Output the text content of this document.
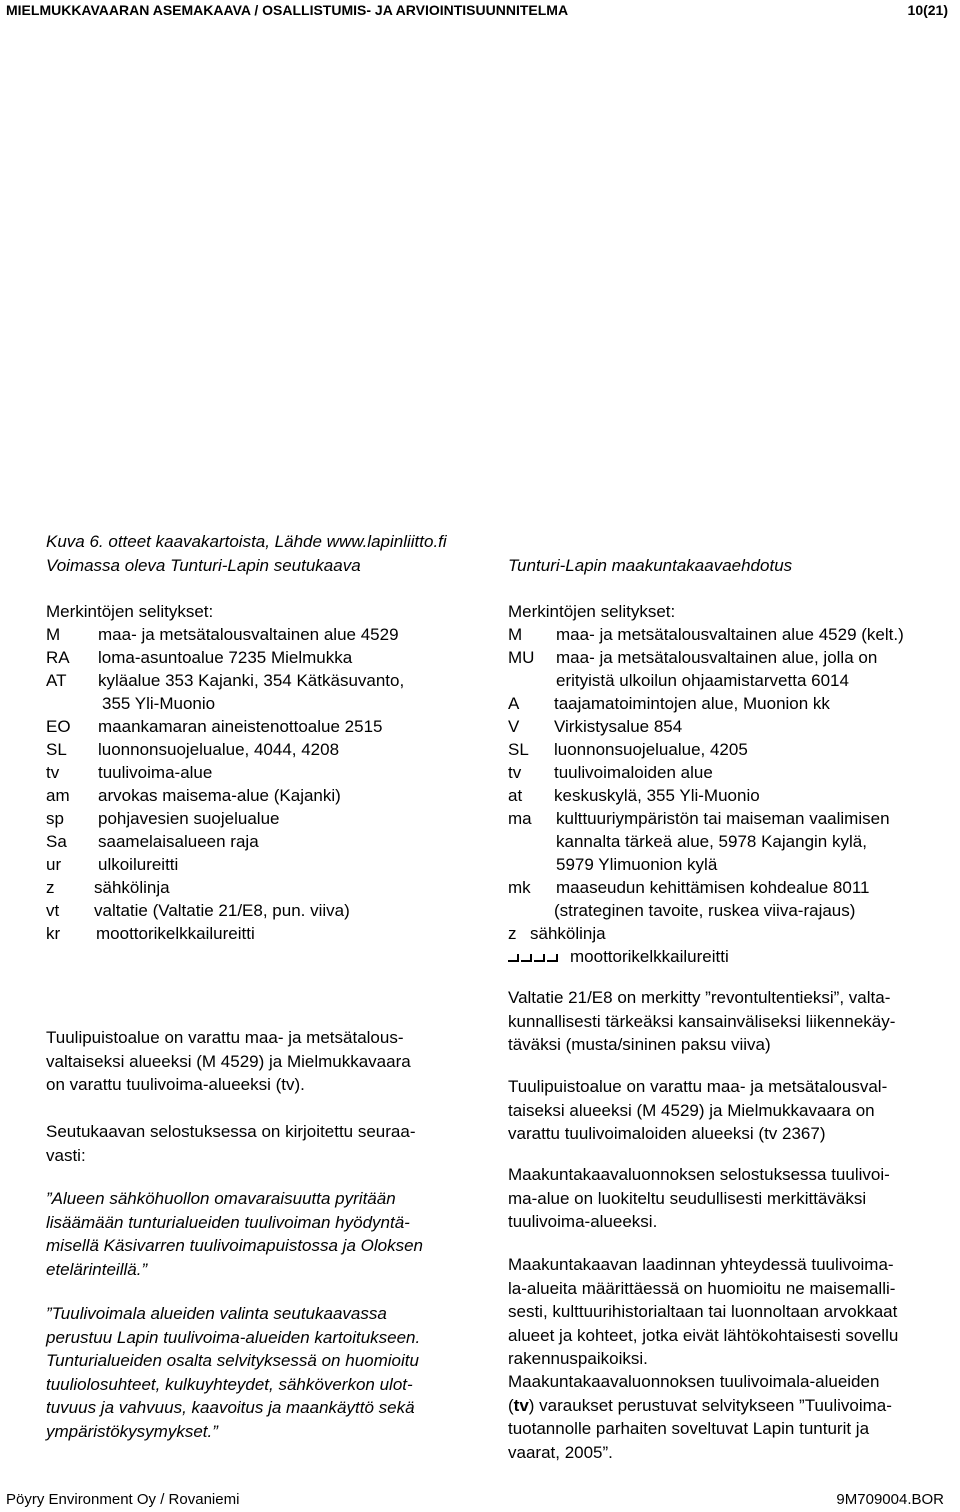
MIELMUKKAVAARAN ASEMAKAAVA / OSALLISTUMIS- JA ARVIOINTISUUNNITELMA	10(21)
Kuva 6. otteet kaavakartoista, Lähde www.lapinliitto.fi
Voimassa oleva Tunturi-Lapin seutukaava	Tunturi-Lapin maakuntakaavaehdotus
Merkintöjen selitykset:
M maa- ja metsätalousvaltainen alue 4529
RA loma-asuntoalue 7235 Mielmukka
AT kyläalue 353 Kajanki, 354 Kätkäsuvanto,
355 Yli-Muonio
EO maankamaran aineistenottoalue 2515
SL luonnonsuojelualue, 4044, 4208
tv tuulivoima-alue
am arvokas maisema-alue (Kajanki)
sp pohjavesien suojelualue
Sa saamelaisalueen raja
ur ulkoilureitti
z sähkölinja
vt valtatie (Valtatie 21/E8, pun. viiva)
kr moottorikelkkailureitti
Merkintöjen selitykset:
M maa- ja metsätalousvaltainen alue 4529 (kelt.)
MU maa- ja metsätalousvaltainen alue, jolla on
erityistä ulkoilun ohjaamistarvetta 6014
A taajamatoimintojen alue, Muonion kk
V Virkistysalue 854
SL luonnonsuojelualue, 4205
tv tuulivoimaloiden alue
at keskuskylä, 355 Yli-Muonio
ma kulttuuriympäristön tai maiseman vaalimisen
kannalta tärkeä alue, 5978 Kajangin kylä,
5979 Ylimuonion kylä
mk maaseudun kehittämisen kohdealue 8011
(strateginen tavoite, ruskea viiva-rajaus)
z sähkölinja
moottorikelkkailureitti
Tuulipuistoalue on varattu maa- ja metsätalous-
valtaiseksi alueeksi (M 4529) ja Mielmukkavaara
on varattu tuulivoima-alueeksi (tv).
Seutukaavan selostuksessa on kirjoitettu seuraa-
vasti:
”Alueen sähköhuollon omavaraisuutta pyritään
lisäämään tunturialueiden tuulivoiman hyödyntä-
misellä Käsivarren tuulivoimapuistossa ja Oloksen
etelärinteillä.”
”Tuulivoimala alueiden valinta seutukaavassa
perustuu Lapin tuulivoima-alueiden kartoitukseen.
Tunturialueiden osalta selvityksessä on huomioitu
tuuliolosuhteet, kulkuyhteydet, sähköverkon ulot-
tuvuus ja vahvuus, kaavoitus ja maankäyttö sekä
ympäristökysymykset.”
Valtatie 21/E8 on merkitty ”revontultentieksi”, valta-
kunnallisesti tärkeäksi kansainväliseksi liikennekäy-
täväksi (musta/sininen paksu viiva)
Tuulipuistoalue on varattu maa- ja metsätalousval-
taiseksi alueeksi (M 4529) ja Mielmukkavaara on
varattu tuulivoimaloiden alueeksi (tv 2367)
Maakuntakaavaluonnoksen selostuksessa tuulivoi-
ma-alue on luokiteltu seudullisesti merkittäväksi
tuulivoima-alueeksi.
Maakuntakaavan laadinnan yhteydessä tuulivoima-
la-alueita määrittäessä on huomioitu ne maisemalli-
sesti, kulttuurihistorialtaan tai luonnoltaan arvokkaat
alueet ja kohteet, jotka eivät lähtökohtaisesti sovellu
rakennuspaikoiksi.
Maakuntakaavaluonnoksen tuulivoimala-alueiden
(tv) varaukset perustuvat selvitykseen ”Tuulivoima-
tuotannolle parhaiten soveltuvat Lapin tunturit ja
vaarat, 2005”.
Pöyry Environment Oy / Rovaniemi	9M709004.BOR
